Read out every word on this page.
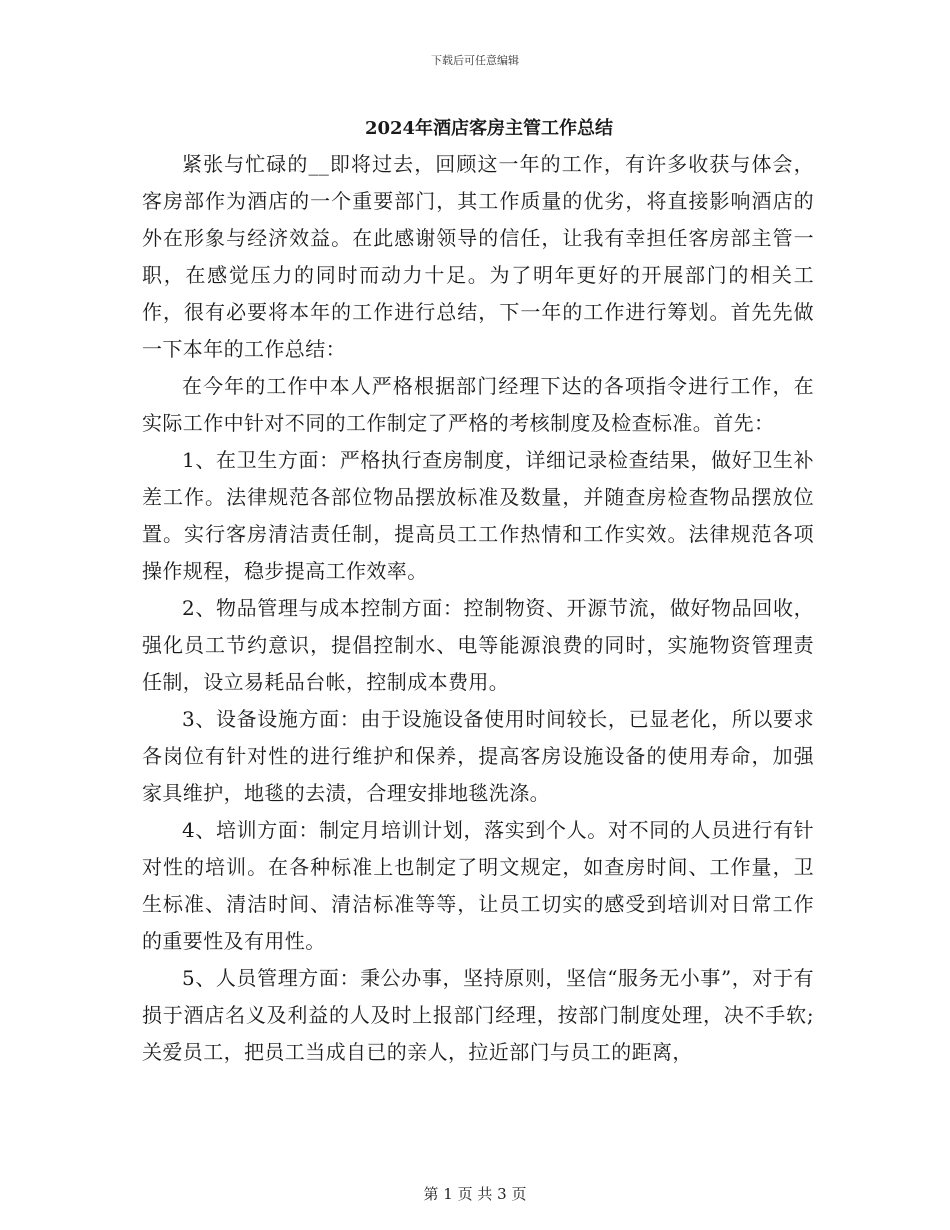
下载后可任意编辑
2024年酒店客房主管工作总结

紧张与忙碌的__即将过去，回顾这一年的工作，有许多收获与体会，客房部作为酒店的一个重要部门，其工作质量的优劣，将直接影响酒店的外在形象与经济效益。在此感谢领导的信任，让我有幸担任客房部主管一职，在感觉压力的同时而动力十足。为了明年更好的开展部门的相关工作，很有必要将本年的工作进行总结，下一年的工作进行筹划。首先先做一下本年的工作总结：

在今年的工作中本人严格根据部门经理下达的各项指令进行工作，在实际工作中针对不同的工作制定了严格的考核制度及检查标准。首先：

1、在卫生方面：严格执行查房制度，详细记录检查结果，做好卫生补差工作。法律规范各部位物品摆放标准及数量，并随查房检查物品摆放位置。实行客房清洁责任制，提高员工工作热情和工作实效。法律规范各项操作规程，稳步提高工作效率。

2、物品管理与成本控制方面：控制物资、开源节流，做好物品回收，强化员工节约意识，提倡控制水、电等能源浪费的同时，实施物资管理责任制，设立易耗品台帐，控制成本费用。

3、设备设施方面：由于设施设备使用时间较长，已显老化，所以要求各岗位有针对性的进行维护和保养，提高客房设施设备的使用寿命，加强家具维护，地毯的去渍，合理安排地毯洗涤。

4、培训方面：制定月培训计划，落实到个人。对不同的人员进行有针对性的培训。在各种标准上也制定了明文规定，如查房时间、工作量，卫生标准、清洁时间、清洁标准等等，让员工切实的感受到培训对日常工作的重要性及有用性。

5、人员管理方面：秉公办事，坚持原则，坚信“服务无小事”，对于有损于酒店名义及利益的人及时上报部门经理，按部门制度处理，决不手软;关爱员工，把员工当成自已的亲人，拉近部门与员工的距离，

第 1 页 共 3 页
